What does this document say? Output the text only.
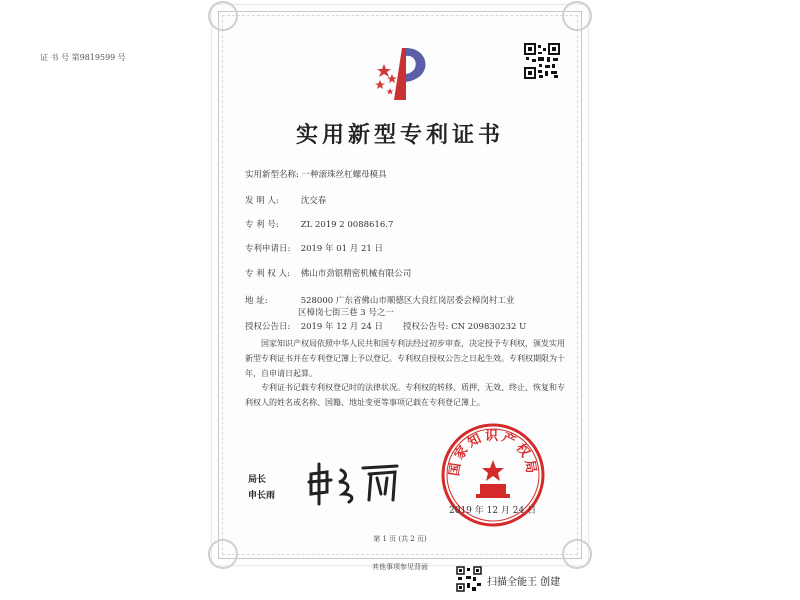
证 书 号 第9819599 号
实用新型专利证书
实用新型名称: 一种滚珠丝杠螺母模具
发 明 人:	沈交春
专 利 号:	ZL 2019 2 0088616.7
专利申请日: 2019 年 01 月 21 日
专 利 权 人: 佛山市劲银精密机械有限公司
地 址:	528000 广东省佛山市顺德区大良红岗居委会樟岗村工业
区樟岗七街三巷 3 号之一
授权公告日: 2019 年 12 月 24 日 授权公告号: CN 209830232 U
国家知识产权局依照中华人民共和国专利法经过初步审查，决定授予专利权，颁发实用新型专利证书并在专利登记簿上予以登记。专利权自授权公告之日起生效。专利权期限为十年，自申请日起算。
专利证书记载专利权登记时的法律状况。专利权的转移、质押、无效、终止、恢复和专利权人的姓名或名称、国籍、地址变更等事项记载在专利登记簿上。
局长
申长雨
国家知识产权局
2019 年 12 月 24 日
第 1 页 (共 2 页)
其他事项参见背面
扫描全能王 创建
